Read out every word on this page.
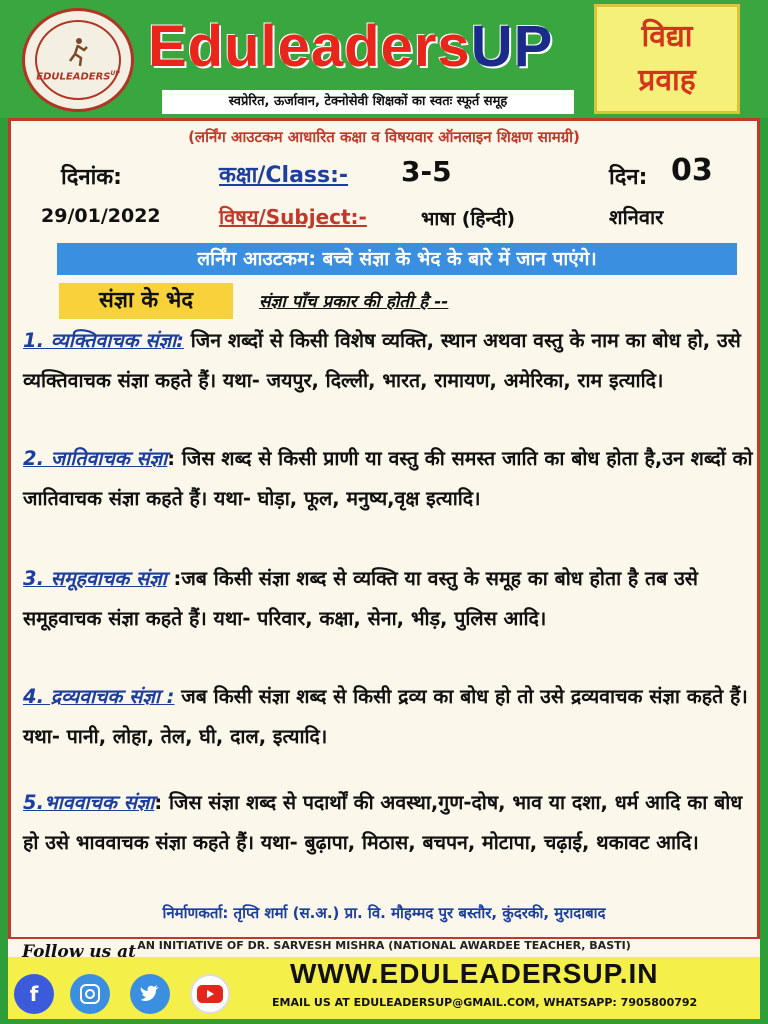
$EDULEADERS^{UP}$ EduleadersUP
स्वप्रेरित, ऊर्जावान, टेक्नोसेवी शिक्षकों का स्वतः स्फूर्त समूह
विद्या
प्रवाह
(लर्निंग आउटकम आधारित कक्षा व विषयवार ऑनलाइन शिक्षण सामग्री)
दिनांक:
29/01/2022
कक्षा/Class:- 3-5
विषय/Subject:-	भाषा (हिन्दी)
दिन: 03
शनिवार
लर्निंग आउटकम: बच्चे संज्ञा के भेद के बारे में जान पाएंगे।
संज्ञा के भेद	संज्ञा पाँच प्रकार की होती है --
1. व्यक्तिवाचक संज्ञा: जिन शब्दों से किसी विशेष व्यक्ति, स्थान अथवा वस्तु के नाम का बोध हो, उसे व्यक्तिवाचक संज्ञा कहते हैं। यथा- जयपुर, दिल्ली, भारत, रामायण, अमेरिका, राम इत्यादि।
2. जातिवाचक संज्ञा: जिस शब्द से किसी प्राणी या वस्तु की समस्त जाति का बोध होता है,उन शब्दों को जातिवाचक संज्ञा कहते हैं। यथा- घोड़ा, फूल, मनुष्य,वृक्ष इत्यादि।
3. समूहवाचक संज्ञा :जब किसी संज्ञा शब्द से व्यक्ति या वस्तु के समूह का बोध होता है तब उसे समूहवाचक संज्ञा कहते हैं। यथा- परिवार, कक्षा, सेना, भीड़, पुलिस आदि।
4. द्रव्यवाचक संज्ञा : जब किसी संज्ञा शब्द से किसी द्रव्य का बोध हो तो उसे द्रव्यवाचक संज्ञा कहते हैं। यथा- पानी, लोहा, तेल, घी, दाल, इत्यादि।
5.भाववाचक संज्ञा: जिस संज्ञा शब्द से पदार्थों की अवस्था,गुण-दोष, भाव या दशा, धर्म आदि का बोध हो उसे भाववाचक संज्ञा कहते हैं। यथा- बुढ़ापा, मिठास, बचपन, मोटापा, चढ़ाई, थकावट आदि।
निर्माणकर्ता: तृप्ति शर्मा (स.अ.) प्रा. वि. मौहम्मद पुर बस्तौर, कुंदरकी, मुरादाबाद
AN INITIATIVE OF DR. SARVESH MISHRA (NATIONAL AWARDEE TEACHER, BASTI)
Follow us at
f
WWW.EDULEADERSUP.IN
EMAIL US AT EDULEADERSUP@GMAIL.COM, WHATSAPP: 7905800792
